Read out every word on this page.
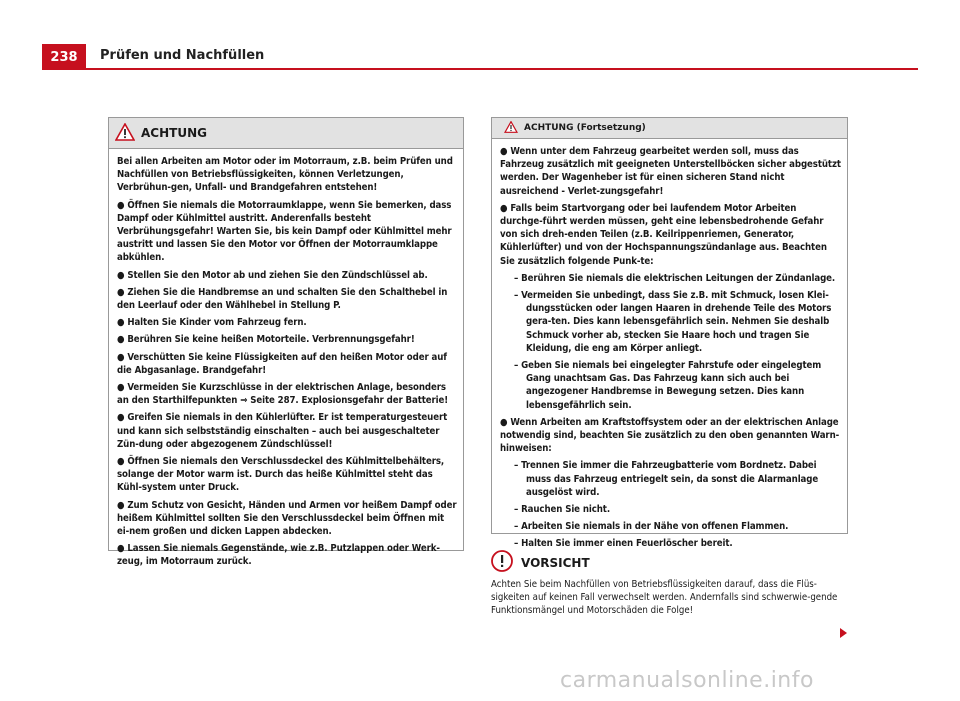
238	Prüfen und Nachfüllen
ACHTUNG

Bei allen Arbeiten am Motor oder im Motorraum, z.B. beim Prüfen und Nachfüllen von Betriebsflüssigkeiten, können Verletzungen, Verbrühun-gen, Unfall- und Brandgefahren entstehen!

● Öffnen Sie niemals die Motorraumklappe, wenn Sie bemerken, dass Dampf oder Kühlmittel austritt. Anderenfalls besteht Verbrühungsgefahr! Warten Sie, bis kein Dampf oder Kühlmittel mehr austritt und lassen Sie den Motor vor Öffnen der Motorraumklappe abkühlen.

● Stellen Sie den Motor ab und ziehen Sie den Zündschlüssel ab.

● Ziehen Sie die Handbremse an und schalten Sie den Schalthebel in den Leerlauf oder den Wählhebel in Stellung P.

● Halten Sie Kinder vom Fahrzeug fern.

● Berühren Sie keine heißen Motorteile. Verbrennungsgefahr!

● Verschütten Sie keine Flüssigkeiten auf den heißen Motor oder auf die Abgasanlage. Brandgefahr!

● Vermeiden Sie Kurzschlüsse in der elektrischen Anlage, besonders an den Starthilfepunkten ⇒ Seite 287. Explosionsgefahr der Batterie!

● Greifen Sie niemals in den Kühlerlüfter. Er ist temperaturgesteuert und kann sich selbstständig einschalten – auch bei ausgeschalteter Zün-dung oder abgezogenem Zündschlüssel!

● Öffnen Sie niemals den Verschlussdeckel des Kühlmittelbehälters, solange der Motor warm ist. Durch das heiße Kühlmittel steht das Kühl-system unter Druck.

● Zum Schutz von Gesicht, Händen und Armen vor heißem Dampf oder heißem Kühlmittel sollten Sie den Verschlussdeckel beim Öffnen mit ei-nem großen und dicken Lappen abdecken.

● Lassen Sie niemals Gegenstände, wie z.B. Putzlappen oder Werk-zeug, im Motorraum zurück.

ACHTUNG (Fortsetzung)

● Wenn unter dem Fahrzeug gearbeitet werden soll, muss das Fahrzeug zusätzlich mit geeigneten Unterstellböcken sicher abgestützt werden. Der Wagenheber ist für einen sicheren Stand nicht ausreichend - Verlet-zungsgefahr!

● Falls beim Startvorgang oder bei laufendem Motor Arbeiten durchge-führt werden müssen, geht eine lebensbedrohende Gefahr von sich dreh-enden Teilen (z.B. Keilrippenriemen, Generator, Kühlerlüfter) und von der Hochspannungszündanlage aus. Beachten Sie zusätzlich folgende Punk-te:

– Berühren Sie niemals die elektrischen Leitungen der Zündanlage.

– Vermeiden Sie unbedingt, dass Sie z.B. mit Schmuck, losen Klei-dungsstücken oder langen Haaren in drehende Teile des Motors gera-ten. Dies kann lebensgefährlich sein. Nehmen Sie deshalb Schmuck vorher ab, stecken Sie Haare hoch und tragen Sie Kleidung, die eng am Körper anliegt.

– Geben Sie niemals bei eingelegter Fahrstufe oder eingelegtem Gang unachtsam Gas. Das Fahrzeug kann sich auch bei angezogener Handbremse in Bewegung setzen. Dies kann lebensgefährlich sein.

● Wenn Arbeiten am Kraftstoffsystem oder an der elektrischen Anlage notwendig sind, beachten Sie zusätzlich zu den oben genannten Warn-hinweisen:

– Trennen Sie immer die Fahrzeugbatterie vom Bordnetz. Dabei muss das Fahrzeug entriegelt sein, da sonst die Alarmanlage ausgelöst wird.

– Rauchen Sie nicht.

– Arbeiten Sie niemals in der Nähe von offenen Flammen.

– Halten Sie immer einen Feuerlöscher bereit.

VORSICHT
Achten Sie beim Nachfüllen von Betriebsflüssigkeiten darauf, dass die Flüs-sigkeiten auf keinen Fall verwechselt werden. Andernfalls sind schwerwie-gende Funktionsmängel und Motorschäden die Folge!
carmanualsonline.info
